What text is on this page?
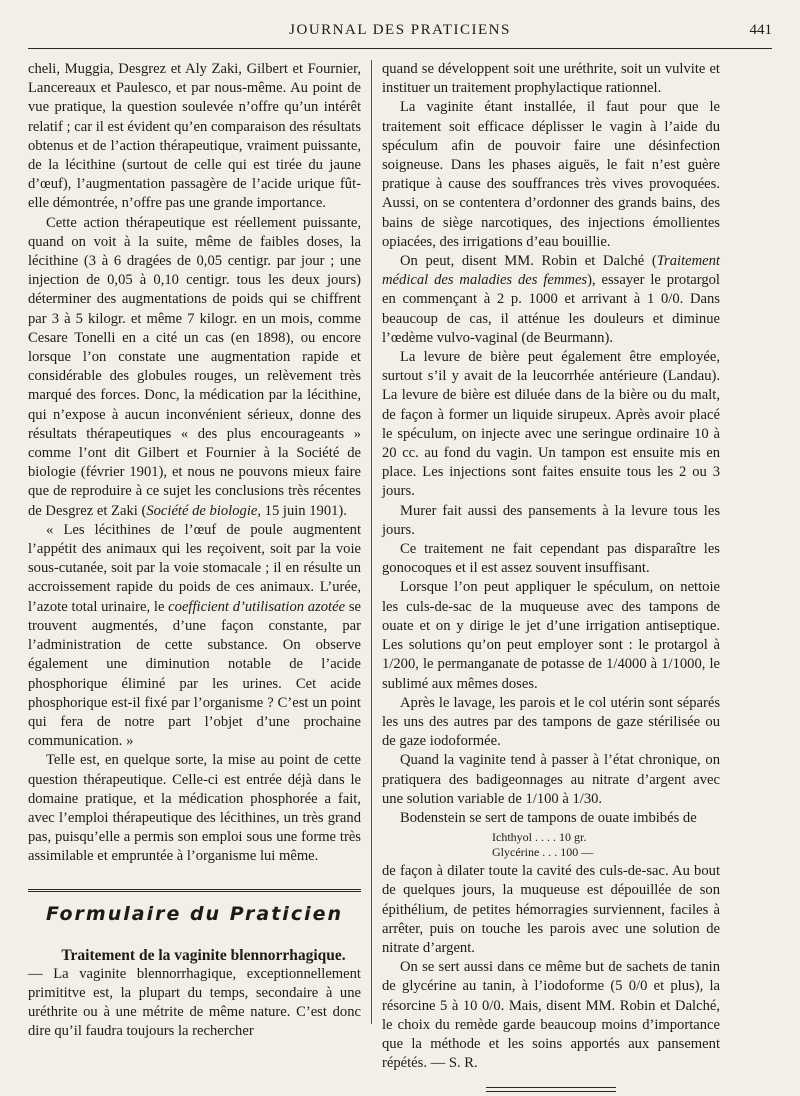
JOURNAL DES PRATICIENS	441

cheli, Muggia, Desgrez et Aly Zaki, Gilbert et Fournier, Lancereaux et Paulesco, et par nous-même. Au point de vue pratique, la question soulevée n’offre qu’un intérêt relatif ; car il est évident qu’en comparaison des résultats obtenus et de l’action thérapeutique, vraiment puissante, de la lécithine (surtout de celle qui est tirée du jaune d’œuf), l’augmentation passagère de l’acide urique fût-elle démontrée, n’offre pas une grande importance.

Cette action thérapeutique est réellement puissante, quand on voit à la suite, même de faibles doses, la lécithine (3 à 6 dragées de 0,05 centigr. par jour ; une injection de 0,05 à 0,10 centigr. tous les deux jours) déterminer des augmentations de poids qui se chiffrent par 3 à 5 kilogr. et même 7 kilogr. en un mois, comme Cesare Tonelli en a cité un cas (en 1898), ou encore lorsque l’on constate une augmentation rapide et considérable des globules rouges, un relèvement très marqué des forces. Donc, la médication par la lécithine, qui n’expose à aucun inconvénient sérieux, donne des résultats thérapeutiques « des plus encourageants » comme l’ont dit Gilbert et Fournier à la Société de biologie (février 1901), et nous ne pouvons mieux faire que de reproduire à ce sujet les conclusions très récentes de Desgrez et Zaki (Société de biologie, 15 juin 1901).

« Les lécithines de l’œuf de poule augmentent l’appétit des animaux qui les reçoivent, soit par la voie sous-cutanée, soit par la voie stomacale ; il en résulte un accroissement rapide du poids de ces animaux. L’urée, l’azote total urinaire, le coefficient d’utilisation azotée se trouvent augmentés, d’une façon constante, par l’administration de cette substance. On observe également une diminution notable de l’acide phosphorique éliminé par les urines. Cet acide phosphorique est-il fixé par l’organisme ? C’est un point qui fera de notre part l’objet d’une prochaine communication. »

Telle est, en quelque sorte, la mise au point de cette question thérapeutique. Celle-ci est entrée déjà dans le domaine pratique, et la médication phosphorée a fait, avec l’emploi thérapeutique des lécithines, un très grand pas, puisqu’elle a permis son emploi sous une forme très assimilable et empruntée à l’organisme lui même.

Formulaire du Praticien

Traitement de la vaginite blennorrhagique.

— La vaginite blennorrhagique, exceptionnellement primititve est, la plupart du temps, secondaire à une uréthrite ou à une métrite de même nature. C’est donc dire qu’il faudra toujours la rechercher

quand se développent soit une uréthrite, soit un vulvite et instituer un traitement prophylactique rationnel.

La vaginite étant installée, il faut pour que le traitement soit efficace déplisser le vagin à l’aide du spéculum afin de pouvoir faire une désinfection soigneuse. Dans les phases aiguës, le fait n’est guère pratique à cause des souffrances très vives provoquées. Aussi, on se contentera d’ordonner des grands bains, des bains de siège narcotiques, des injections émollientes opiacées, des irrigations d’eau bouillie.

On peut, disent MM. Robin et Dalché (Traitement médical des maladies des femmes), essayer le protargol en commençant à 2 p. 1000 et arrivant à 1 0/0. Dans beaucoup de cas, il atténue les douleurs et diminue l’œdème vulvo-vaginal (de Beurmann).

La levure de bière peut également être employée, surtout s’il y avait de la leucorrhée antérieure (Landau). La levure de bière est diluée dans de la bière ou du malt, de façon à former un liquide sirupeux. Après avoir placé le spéculum, on injecte avec une seringue ordinaire 10 à 20 cc. au fond du vagin. Un tampon est ensuite mis en place. Les injections sont faites ensuite tous les 2 ou 3 jours.

Murer fait aussi des pansements à la levure tous les jours.

Ce traitement ne fait cependant pas disparaître les gonocoques et il est assez souvent insuffisant.

Lorsque l’on peut appliquer le spéculum, on nettoie les culs-de-sac de la muqueuse avec des tampons de ouate et on y dirige le jet d’une irrigation antiseptique. Les solutions qu’on peut employer sont : le protargol à 1/200, le permanganate de potasse de 1/4000 à 1/1000, le sublimé aux mêmes doses.

Après le lavage, les parois et le col utérin sont séparés les uns des autres par des tampons de gaze stérilisée ou de gaze iodoformée.

Quand la vaginite tend à passer à l’état chronique, on pratiquera des badigeonnages au nitrate d’argent avec une solution variable de 1/100 à 1/30.

Bodenstein se sert de tampons de ouate imbibés de

Ichthyol . . . . 10 gr.
Glycérine . . . 100 —

de façon à dilater toute la cavité des culs-de-sac. Au bout de quelques jours, la muqueuse est dépouillée de son épithélium, de petites hémorragies surviennent, faciles à arrêter, puis on touche les parois avec une solution de nitrate d’argent.

On se sert aussi dans ce même but de sachets de tanin de glycérine au tanin, à l’iodoforme (5 0/0 et plus), la résorcine 5 à 10 0/0. Mais, disent MM. Robin et Dalché, le choix du remède garde beaucoup moins d’importance que la méthode et les soins apportés aux pansement répétés. — S. R.
